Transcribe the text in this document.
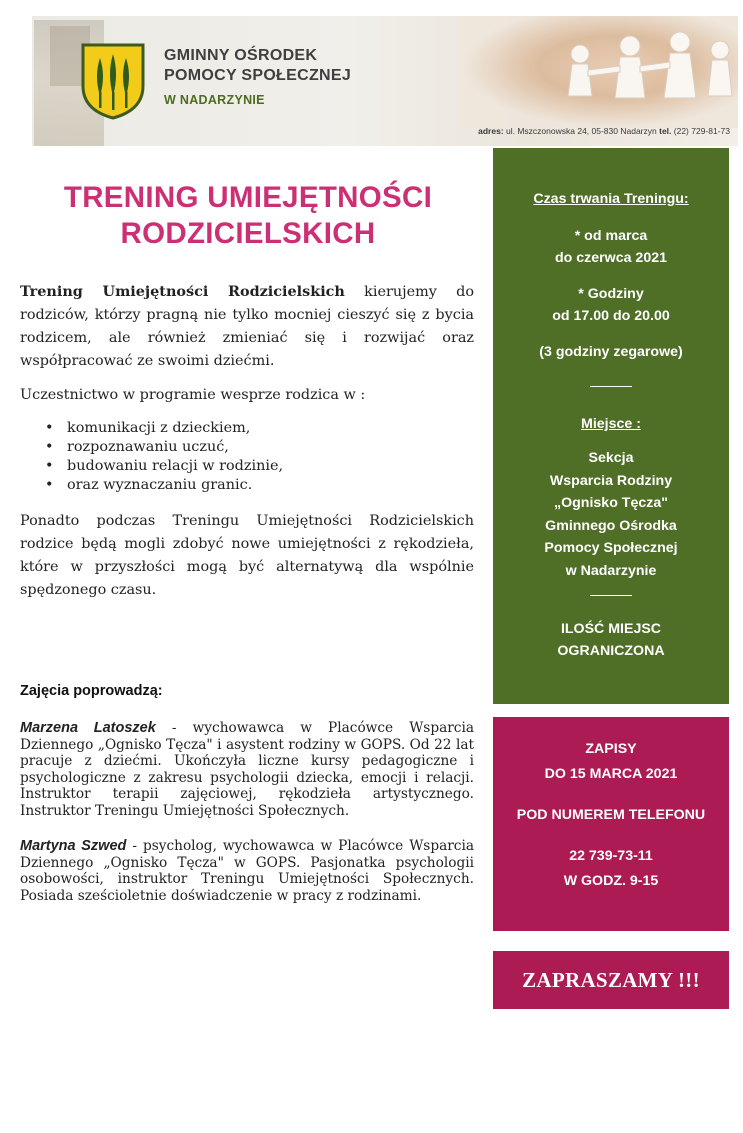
GMINNY OŚRODEK
POMOCY SPOŁECZNEJ
W NADARZYNIE
adres: ul. Mszczonowska 24, 05-830 Nadarzyn tel. (22) 729-81-73
TRENING UMIEJĘTNOŚCI
RODZICIELSKICH

Trening Umiejętności Rodzicielskich kierujemy do rodziców, którzy pragną nie tylko mocniej cieszyć się z bycia rodzicem, ale również zmieniać się i rozwijać oraz współpracować ze swoimi dziećmi.

Uczestnictwo w programie wesprze rodzica w :

• komunikacji z dzieckiem,
• rozpoznawaniu uczuć,
• budowaniu relacji w rodzinie,
• oraz wyznaczaniu granic.

Ponadto podczas Treningu Umiejętności Rodzicielskich rodzice będą mogli zdobyć nowe umiejętności z rękodzieła, które w przyszłości mogą być alternatywą dla wspólnie spędzonego czasu.

Zajęcia poprowadzą:

Marzena Latoszek - wychowawca w Placówce Wsparcia Dziennego „Ognisko Tęcza" i asystent rodziny w GOPS. Od 22 lat pracuje z dziećmi. Ukończyła liczne kursy pedagogiczne i psychologiczne z zakresu psychologii dziecka, emocji i relacji. Instruktor terapii zajęciowej, rękodzieła artystycznego. Instruktor Treningu Umiejętności Społecznych.

Martyna Szwed - psycholog, wychowawca w Placówce Wsparcia Dziennego „Ognisko Tęcza" w GOPS. Pasjonatka psychologii osobowości, instruktor Treningu Umiejętności Społecznych. Posiada sześcioletnie doświadczenie w pracy z rodzinami.

Czas trwania Treningu:
* od marca
do czerwca 2021
* Godziny
od 17.00 do 20.00
(3 godziny zegarowe)
Miejsce :
Sekcja
Wsparcia Rodziny
„Ognisko Tęcza"
Gminnego Ośrodka
Pomocy Społecznej
w Nadarzynie
ILOŚĆ MIEJSC
OGRANICZONA
ZAPISY
DO 15 MARCA 2021
POD NUMEREM TELEFONU
22 739-73-11
W GODZ. 9-15
ZAPRASZAMY !!!
